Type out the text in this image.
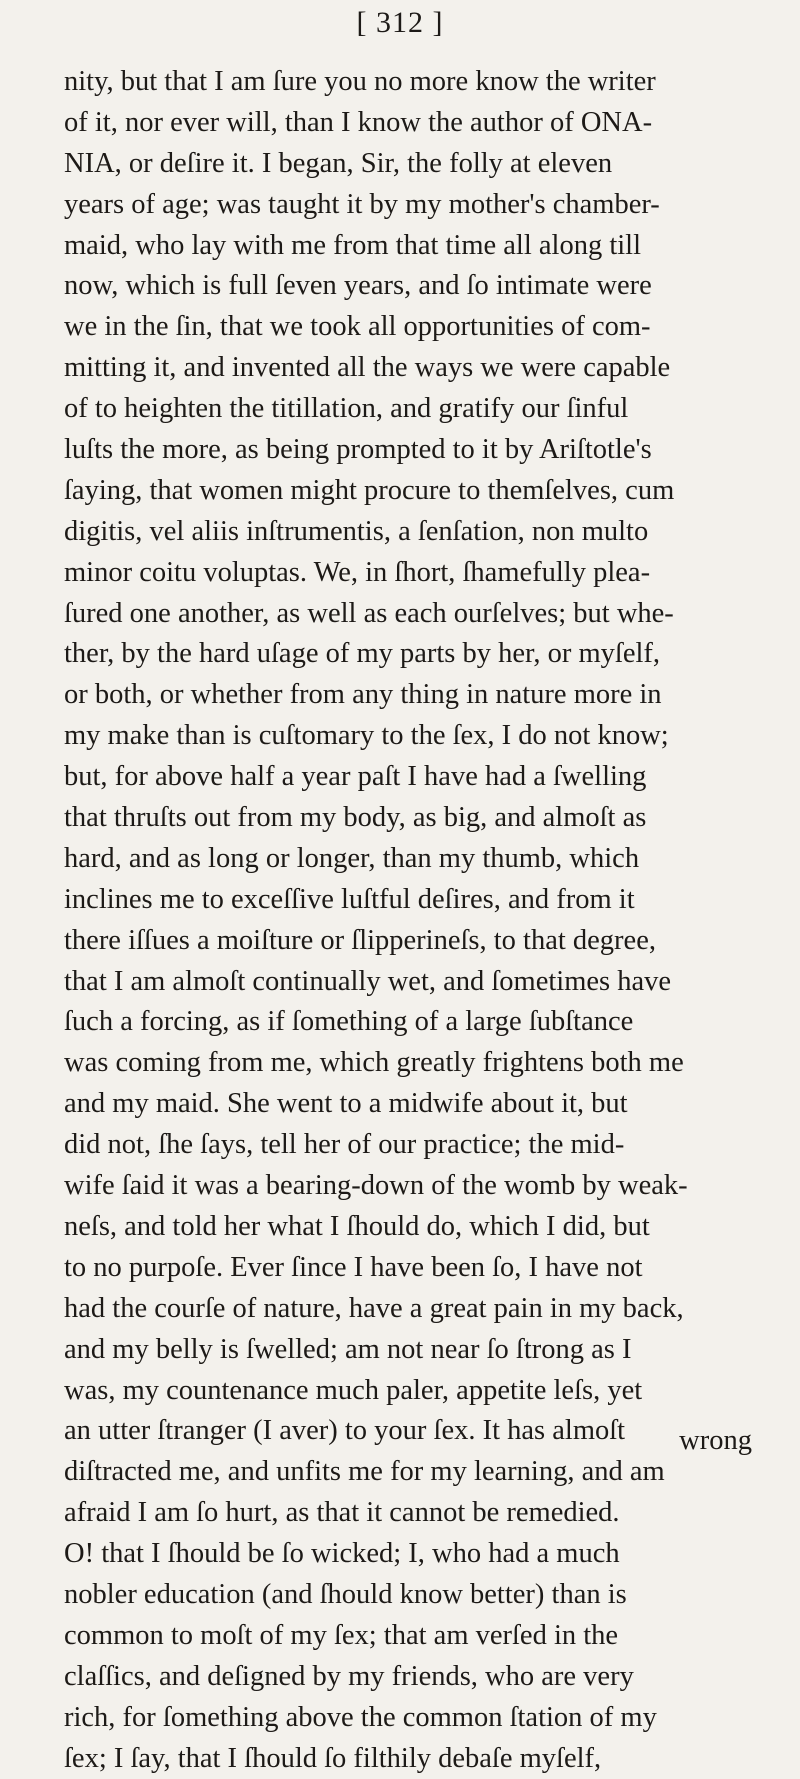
[ 312 ]
nity, but that I am ſure you no more know the writer
of it, nor ever will, than I know the author of ONA-
NIA, or deſire it. I began, Sir, the folly at eleven
years of age; was taught it by my mother's chamber-
maid, who lay with me from that time all along till
now, which is full ſeven years, and ſo intimate were
we in the ſin, that we took all opportunities of com-
mitting it, and invented all the ways we were capable
of to heighten the titillation, and gratify our ſinful
luſts the more, as being prompted to it by Ariſtotle's
ſaying, that women might procure to themſelves, cum
digitis, vel aliis inſtrumentis, a ſenſation, non multo
minor coitu voluptas. We, in ſhort, ſhamefully plea-
ſured one another, as well as each ourſelves; but whe-
ther, by the hard uſage of my parts by her, or myſelf,
or both, or whether from any thing in nature more in
my make than is cuſtomary to the ſex, I do not know;
but, for above half a year paſt I have had a ſwelling
that thruſts out from my body, as big, and almoſt as
hard, and as long or longer, than my thumb, which
inclines me to exceſſive luſtful deſires, and from it
there iſſues a moiſture or ſlipperineſs, to that degree,
that I am almoſt continually wet, and ſometimes have
ſuch a forcing, as if ſomething of a large ſubſtance
was coming from me, which greatly frightens both me
and my maid. She went to a midwife about it, but
did not, ſhe ſays, tell her of our practice; the mid-
wife ſaid it was a bearing-down of the womb by weak-
neſs, and told her what I ſhould do, which I did, but
to no purpoſe. Ever ſince I have been ſo, I have not
had the courſe of nature, have a great pain in my back,
and my belly is ſwelled; am not near ſo ſtrong as I
was, my countenance much paler, appetite leſs, yet
an utter ſtranger (I aver) to your ſex. It has almoſt
diſtracted me, and unfits me for my learning, and am
afraid I am ſo hurt, as that it cannot be remedied.
O! that I ſhould be ſo wicked; I, who had a much
nobler education (and ſhould know better) than is
common to moſt of my ſex; that am verſed in the
claſſics, and deſigned by my friends, who are very
rich, for ſomething above the common ſtation of my
ſex; I ſay, that I ſhould ſo filthily debaſe myſelf,
wrong
